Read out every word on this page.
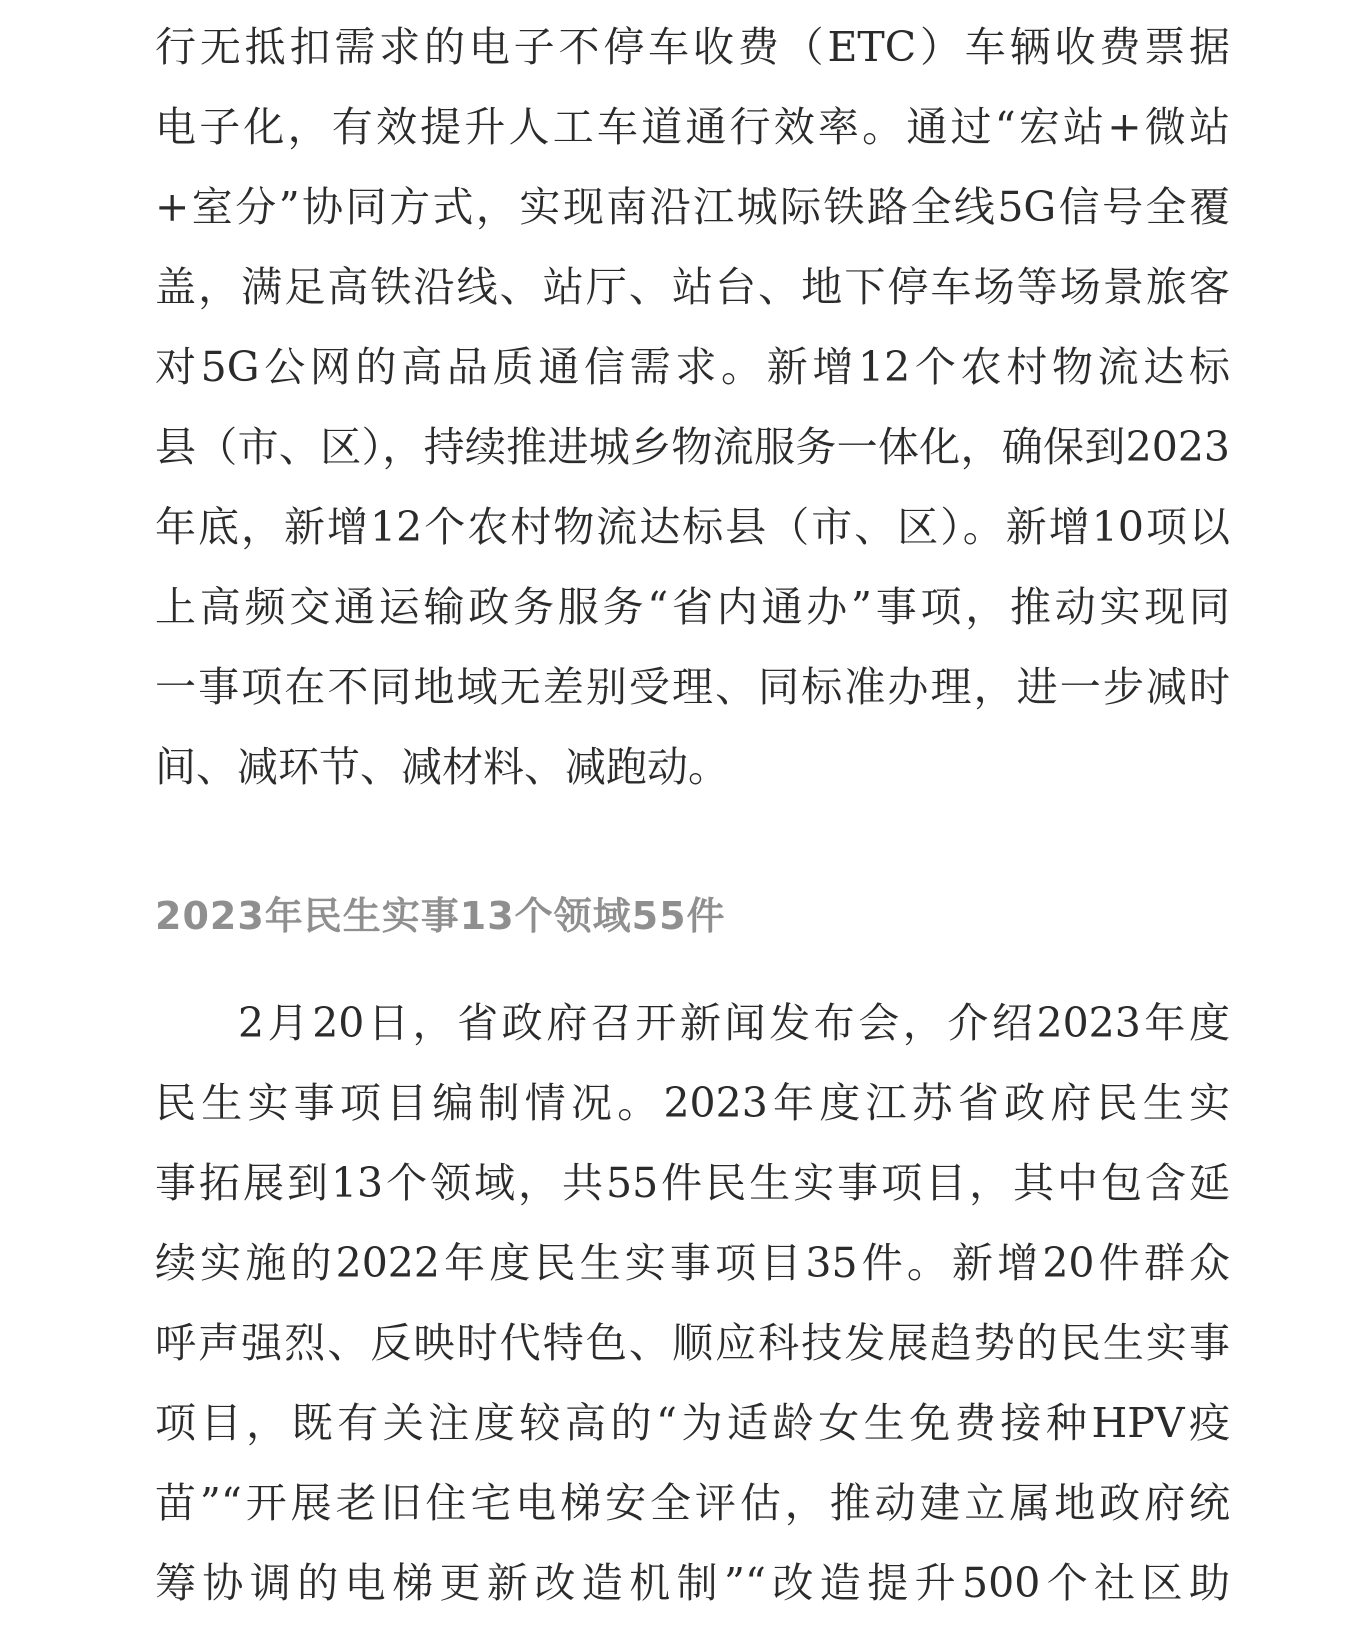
行无抵扣需求的电子不停车收费（ETC）车辆收费票据
电子化，有效提升人工车道通行效率。通过“宏站+微站
+室分”协同方式，实现南沿江城际铁路全线5G信号全覆
盖，满足高铁沿线、站厅、站台、地下停车场等场景旅客
对5G公网的高品质通信需求。新增12个农村物流达标
县（市、区），持续推进城乡物流服务一体化，确保到2023
年底，新增12个农村物流达标县（市、区）。新增10项以
上高频交通运输政务服务“省内通办”事项，推动实现同
一事项在不同地域无差别受理、同标准办理，进一步减时
间、减环节、减材料、减跑动。
2023年民生实事13个领域55件
2月20日，省政府召开新闻发布会，介绍2023年度
民生实事项目编制情况。2023年度江苏省政府民生实
事拓展到13个领域，共55件民生实事项目，其中包含延
续实施的2022年度民生实事项目35件。新增20件群众
呼声强烈、反映时代特色、顺应科技发展趋势的民生实事
项目，既有关注度较高的“为适龄女生免费接种HPV疫
苗”“开展老旧住宅电梯安全评估，推动建立属地政府统
筹协调的电梯更新改造机制”“改造提升500个社区助
